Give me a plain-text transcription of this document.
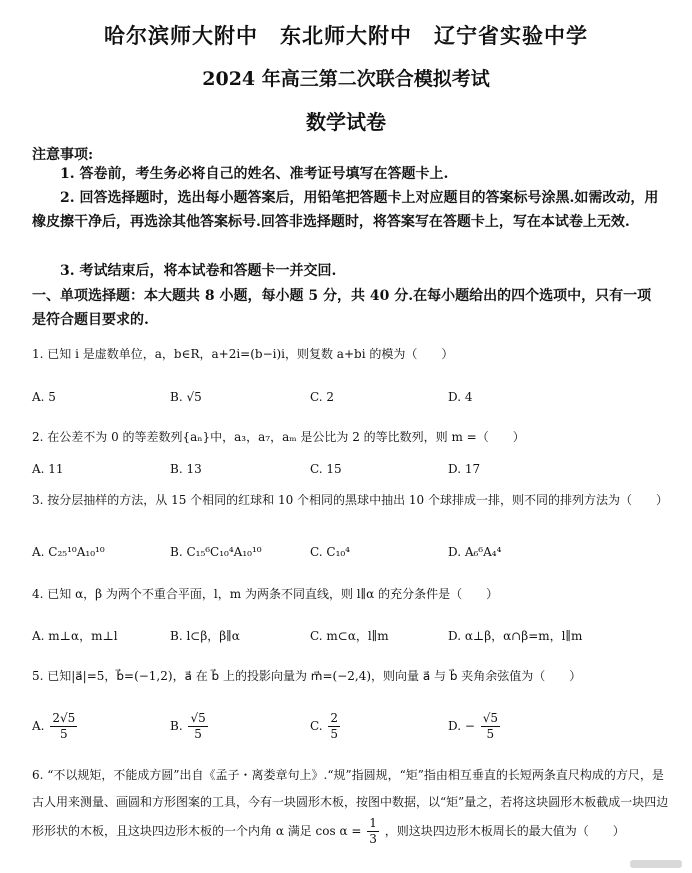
哈尔滨师大附中　东北师大附中　辽宁省实验中学
2024 年高三第二次联合模拟考试
数学试卷
注意事项:
1. 答卷前，考生务必将自己的姓名、准考证号填写在答题卡上.
2. 回答选择题时，选出每小题答案后，用铅笔把答题卡上对应题目的答案标号涂黑.如需改动，用橡皮擦干净后，再选涂其他答案标号.回答非选择题时，将答案写在答题卡上，写在本试卷上无效.
3. 考试结束后，将本试卷和答题卡一并交回.
一、单项选择题：本大题共 8 小题，每小题 5 分，共 40 分.在每小题给出的四个选项中，只有一项是符合题目要求的.
1. 已知 i 是虚数单位，a，b∈R，a+2i=(b−i)i，则复数 a+bi 的模为（　　）
A. 5	B. √5	C. 2	D. 4
2. 在公差不为 0 的等差数列{aₙ}中，a₃，a₇，aₘ 是公比为 2 的等比数列，则 m =（　　）
A. 11	B. 13	C. 15	D. 17
3. 按分层抽样的方法，从 15 个相同的红球和 10 个相同的黑球中抽出 10 个球排成一排，则不同的排列方法为（　　）
A. C₂₅¹⁰A₁₀¹⁰	B. C₁₅⁶C₁₀⁴A₁₀¹⁰	C. C₁₀⁴	D. A₆⁶A₄⁴
4. 已知 α，β 为两个不重合平面，l，m 为两条不同直线，则 l∥α 的充分条件是（　　）
A. m⊥α，m⊥l	B. l⊂β，β∥α	C. m⊂α，l∥m	D. α⊥β，α∩β=m，l∥m
5. 已知|a⃗|=5，b⃗=(−1,2)，a⃗ 在 b⃗ 上的投影向量为 m⃗=(−2,4)，则向量 a⃗ 与 b⃗ 夹角余弦值为（　　）
A. $\frac{2√5}{5}$	B. $\frac{√5}{5}$	C. $\frac{2}{5}$	D. − $\frac{√5}{5}$
6. “不以规矩，不能成方圆”出自《孟子・离娄章句上》.“规”指圆规，“矩”指由相互垂直的长短两条直尺构成的方尺，是古人用来测量、画圆和方形图案的工具，今有一块圆形木板，按图中数据，以“矩”量之，若将这块圆形木板截成一块四边形形状的木板，且这块四边形木板的一个内角 α 满足 $\cos \alpha = \frac{1}{3}$ ，则这块四边形木板周长的最大值为（　　）
